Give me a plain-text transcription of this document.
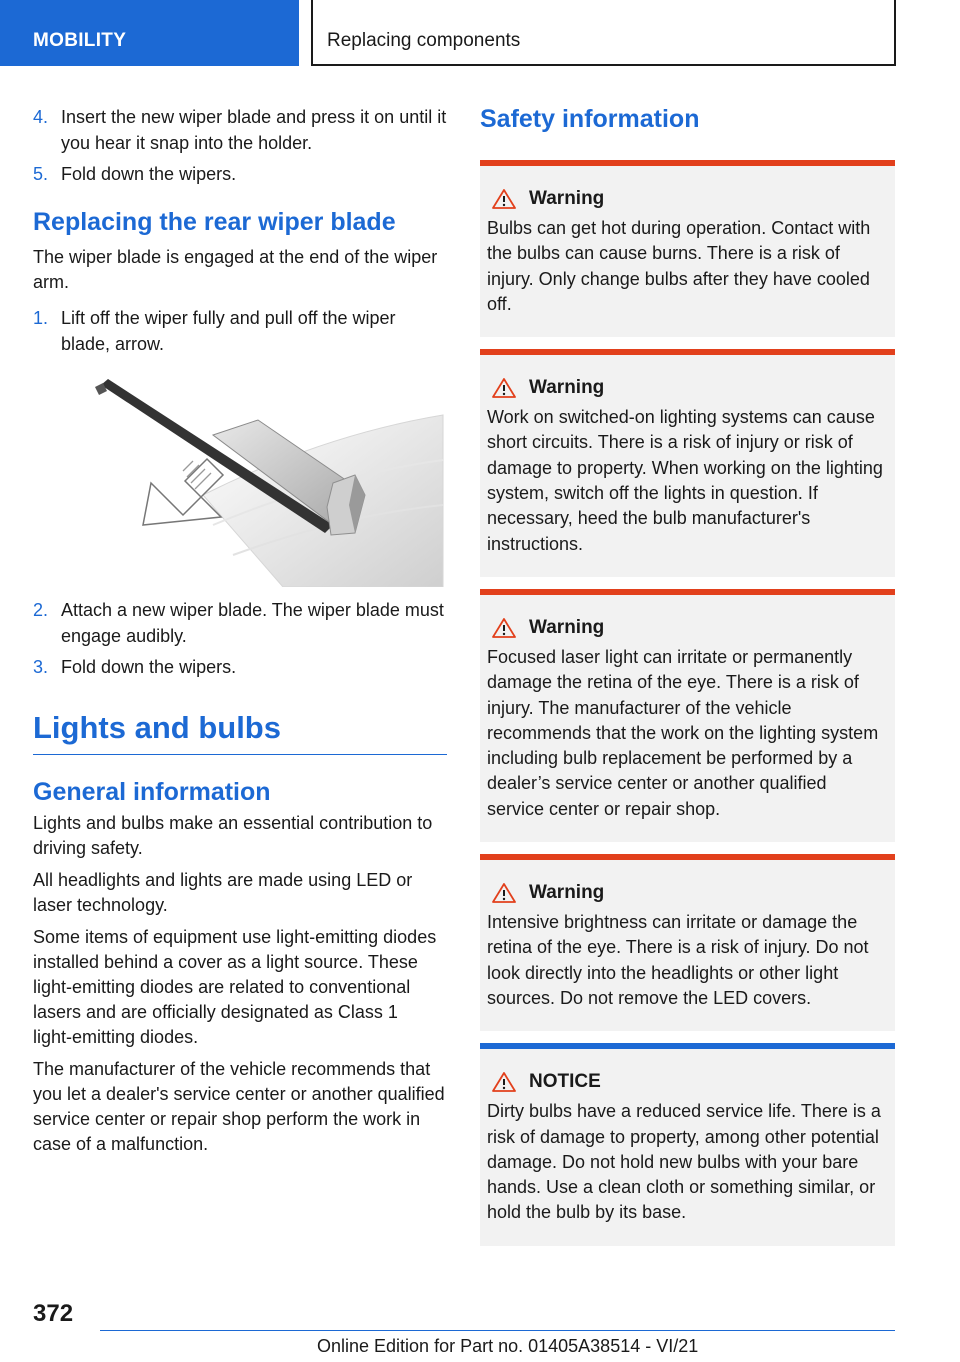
MOBILITY	Replacing components
4. Insert the new wiper blade and press it on until it you hear it snap into the holder.
5. Fold down the wipers.
Replacing the rear wiper blade

The wiper blade is engaged at the end of the wiper arm.

1. Lift off the wiper fully and pull off the wiper blade, arrow.
2. Attach a new wiper blade. The wiper blade must engage audibly.
3. Fold down the wipers.
Lights and bulbs
General information

Lights and bulbs make an essential contribution to driving safety.

All headlights and lights are made using LED or laser technology.

Some items of equipment use light‑emitting diodes installed behind a cover as a light source. These light‑emitting diodes are related to conventional lasers and are officially designated as Class 1 light‑emitting diodes.

The manufacturer of the vehicle recommends that you let a dealer's service center or another qualified service center or repair shop perform the work in case of a malfunction.

Safety information
Warning
Bulbs can get hot during operation. Contact with the bulbs can cause burns. There is a risk of injury. Only change bulbs after they have cooled off.
Warning
Work on switched‑on lighting systems can cause short circuits. There is a risk of injury or risk of damage to property. When working on the lighting system, switch off the lights in question. If necessary, heed the bulb manufacturer's instructions.
Warning
Focused laser light can irritate or permanently damage the retina of the eye. There is a risk of injury. The manufacturer of the vehicle recommends that the work on the lighting system including bulb replacement be performed by a dealer’s service center or another qualified service center or repair shop.
Warning
Intensive brightness can irritate or damage the retina of the eye. There is a risk of injury. Do not look directly into the headlights or other light sources. Do not remove the LED covers.
NOTICE
Dirty bulbs have a reduced service life. There is a risk of damage to property, among other potential damage. Do not hold new bulbs with your bare hands. Use a clean cloth or something similar, or hold the bulb by its base.
372
Online Edition for Part no. 01405A38514 - VI/21
